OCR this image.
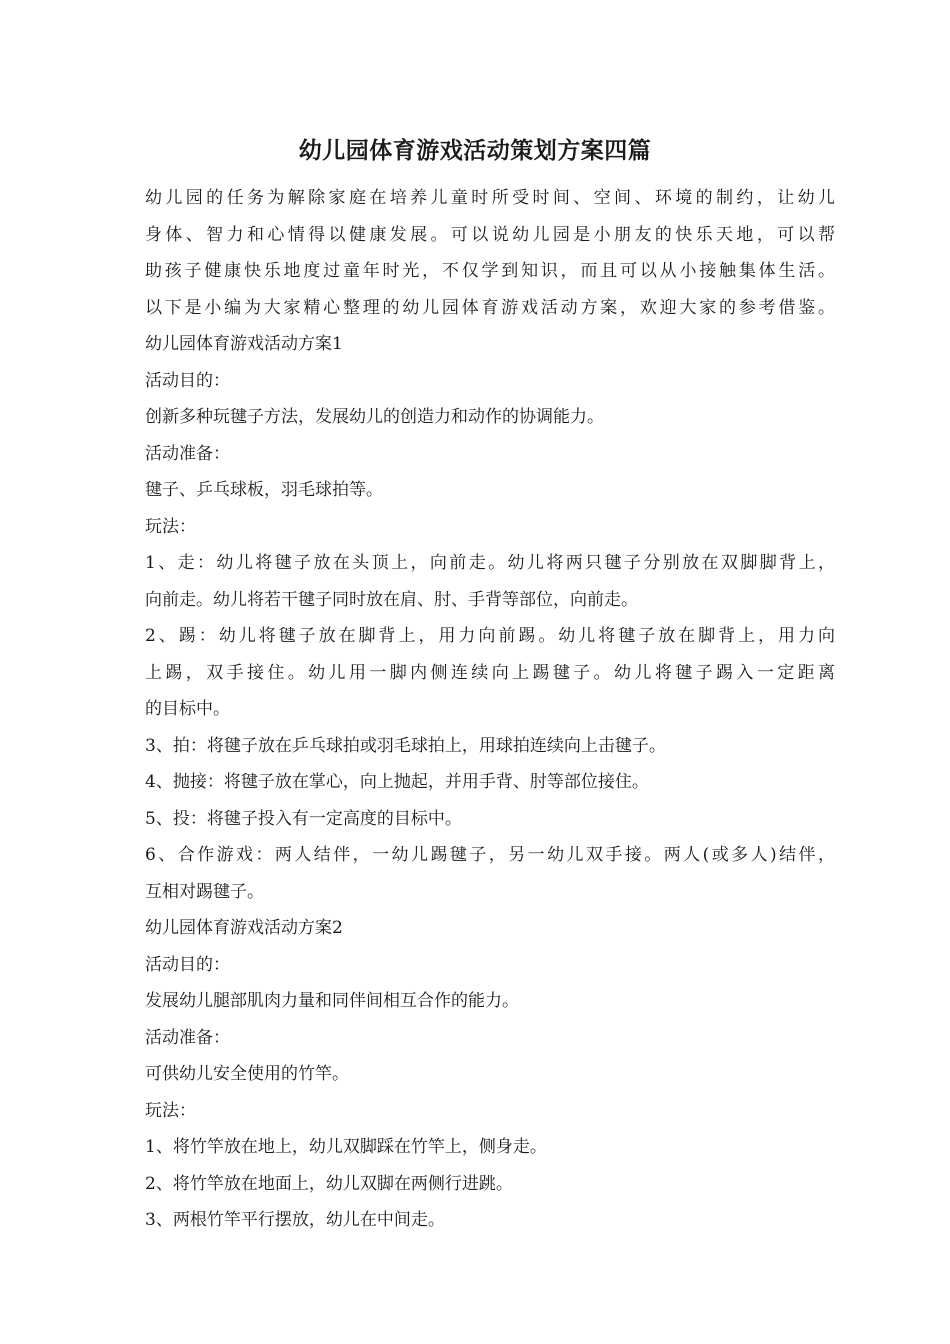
幼儿园体育游戏活动策划方案四篇
幼儿园的任务为解除家庭在培养儿童时所受时间、空间、环境的制约，让幼儿
身体、智力和心情得以健康发展。可以说幼儿园是小朋友的快乐天地，可以帮
助孩子健康快乐地度过童年时光，不仅学到知识，而且可以从小接触集体生活。
以下是小编为大家精心整理的幼儿园体育游戏活动方案，欢迎大家的参考借鉴。
幼儿园体育游戏活动方案1
活动目的：
创新多种玩毽子方法，发展幼儿的创造力和动作的协调能力。
活动准备：
毽子、乒乓球板，羽毛球拍等。
玩法：
1、走：幼儿将毽子放在头顶上，向前走。幼儿将两只毽子分别放在双脚脚背上，
向前走。幼儿将若干毽子同时放在肩、肘、手背等部位，向前走。
2、踢：幼儿将毽子放在脚背上，用力向前踢。幼儿将毽子放在脚背上，用力向
上踢，双手接住。幼儿用一脚内侧连续向上踢毽子。幼儿将毽子踢入一定距离
的目标中。
3、拍：将毽子放在乒乓球拍或羽毛球拍上，用球拍连续向上击毽子。
4、抛接：将毽子放在掌心，向上抛起，并用手背、肘等部位接住。
5、投：将毽子投入有一定高度的目标中。
6、合作游戏：两人结伴，一幼儿踢毽子，另一幼儿双手接。两人(或多人)结伴，
互相对踢毽子。
幼儿园体育游戏活动方案2
活动目的：
发展幼儿腿部肌肉力量和同伴间相互合作的能力。
活动准备：
可供幼儿安全使用的竹竿。
玩法：
1、将竹竿放在地上，幼儿双脚踩在竹竿上，侧身走。
2、将竹竿放在地面上，幼儿双脚在两侧行进跳。
3、两根竹竿平行摆放，幼儿在中间走。
